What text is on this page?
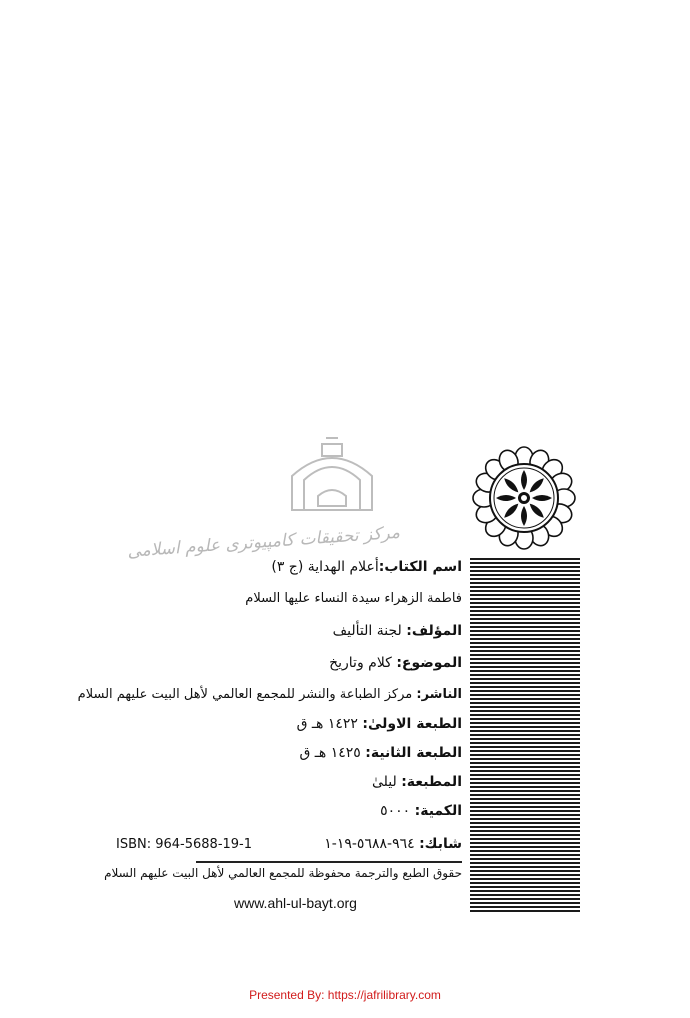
مرکز تحقیقات کامپیوتری علوم اسلامی
اسم الكتاب:أعلام الهداية (ج ٣)
فاطمة الزهراء سيدة النساء عليها السلام
المؤلف: لجنة التأليف
الموضوع: كلام وتاريخ
الناشر: مركز الطباعة والنشر للمجمع العالمي لأهل البيت عليهم السلام
الطبعة الاولىٰ: ١٤٢٢ هـ ق
الطبعة الثانية: ١٤٢٥ هـ ق
المطبعة: ليلىٰ
الكمية: ٥٠٠٠
شابك: ٩٦٤-٥٦٨٨-١٩-١
ISBN: 964-5688-19-1
حقوق الطبع والترجمة محفوظة للمجمع العالمي لأهل البيت عليهم السلام
www.ahl-ul-bayt.org
Presented By: https://jafrilibrary.com
